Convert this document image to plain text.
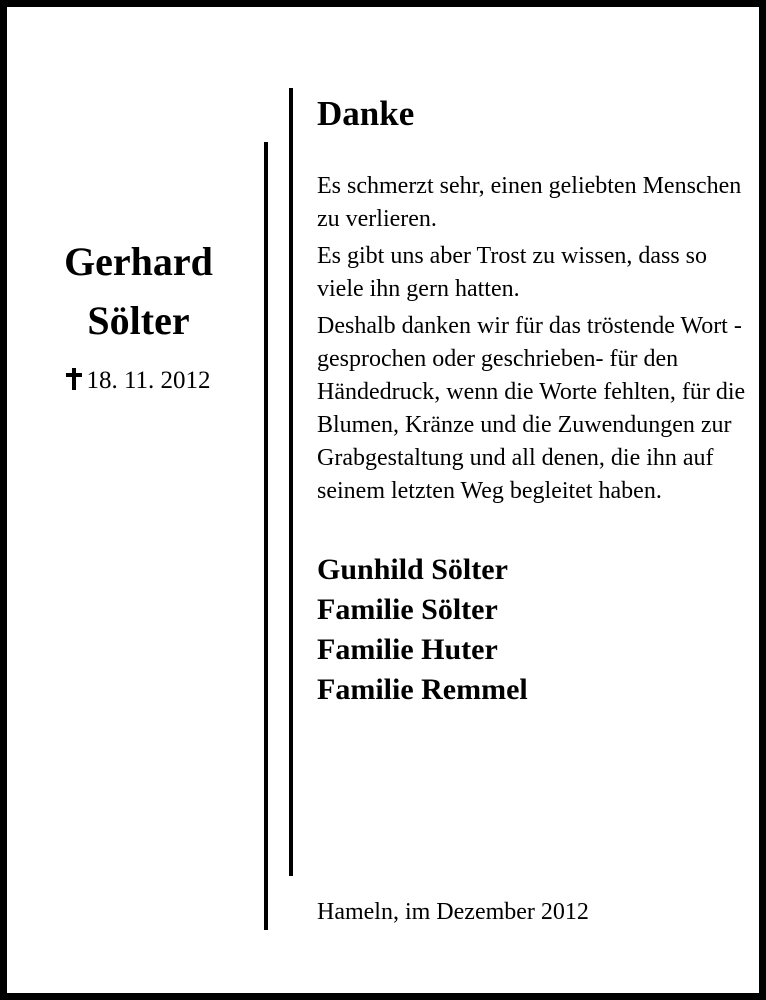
Gerhard
Sölter
18. 11. 2012
Danke

Es schmerzt sehr, einen geliebten Menschen zu verlieren.

Es gibt uns aber Trost zu wissen, dass so viele ihn gern hatten.

Deshalb danken wir für das tröstende Wort -gesprochen oder geschrieben- für den Händedruck, wenn die Worte fehlten, für die Blumen, Kränze und die Zuwendungen zur Grabgestaltung und all denen, die ihn auf seinem letzten Weg begleitet haben.

Gunhild Sölter
Familie Sölter
Familie Huter
Familie Remmel
Hameln, im Dezember 2012
